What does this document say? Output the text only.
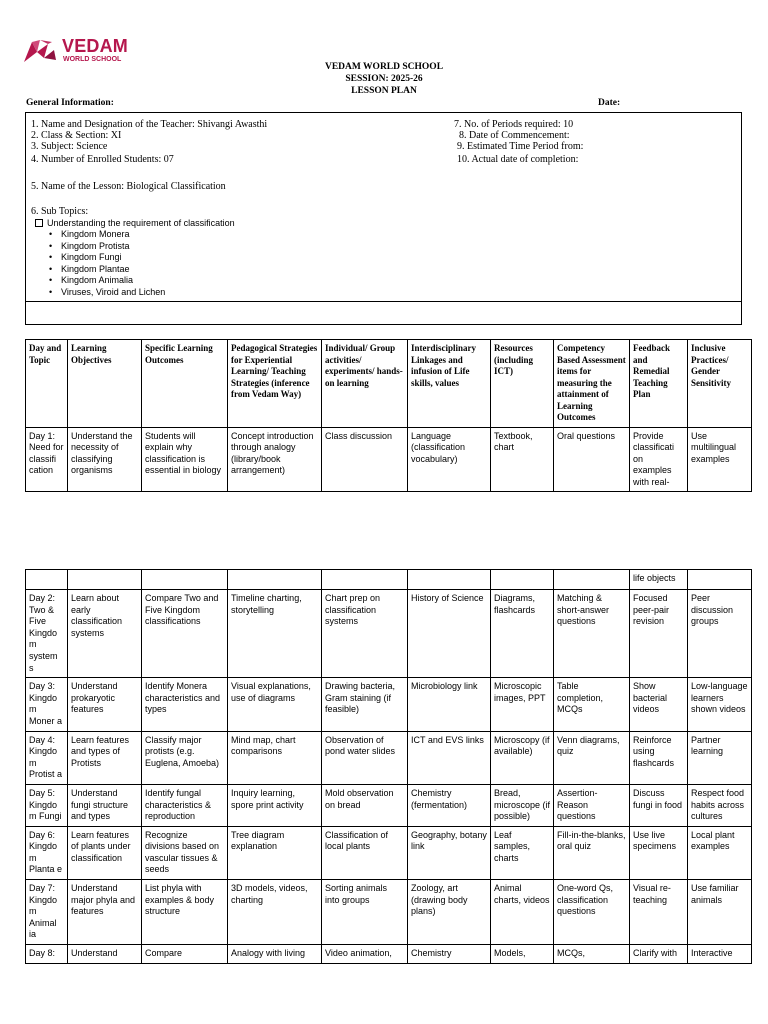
VEDAM
WORLD SCHOOL
VEDAM WORLD SCHOOL
SESSION: 2025-26
LESSON PLAN
General Information:	Date:
1. Name and Designation of the Teacher: Shivangi Awasthi
2. Class & Section: XI
3. Subject: Science
4. Number of Enrolled Students: 07
5. Name of the Lesson: Biological Classification
6. Sub Topics:
Understanding the requirement of classification
• Kingdom Monera
• Kingdom Protista
• Kingdom Fungi
• Kingdom Plantae
• Kingdom Animalia
• Viruses, Viroid and Lichen
7. No. of Periods required: 10
8. Date of Commencement:
9. Estimated Time Period from:
10. Actual date of completion:
Day and Topic	Learning Objectives	Specific Learning Outcomes	Pedagogical Strategies for Experiential Learning/ Teaching Strategies (inference from Vedam Way)	Individual/ Group activities/ experiments/ hands-on learning	Interdisciplinary Linkages and infusion of Life skills, values	Resources (including ICT)	Competency Based Assessment items for measuring the attainment of Learning Outcomes	Feedback and Remedial Teaching Plan	Inclusive Practices/ Gender Sensitivity
Day 1: Need for classifi cation	Understand the necessity of classifying organisms	Students will explain why classification is essential in biology	Concept introduction through analogy (library/book arrangement)	Class discussion	Language (classification vocabulary)	Textbook, chart	Oral questions	Provide classificati on examples with real-	Use multilingual examples
								life objects	
Day 2: Two & Five Kingdo m system s	Learn about early classification systems	Compare Two and Five Kingdom classifications	Timeline charting, storytelling	Chart prep on classification systems	History of Science	Diagrams, flashcards	Matching & short-answer questions	Focused peer-pair revision	Peer discussion groups
Day 3: Kingdo m Moner a	Understand prokaryotic features	Identify Monera characteristics and types	Visual explanations, use of diagrams	Drawing bacteria, Gram staining (if feasible)	Microbiology link	Microscopic images, PPT	Table completion, MCQs	Show bacterial videos	Low-language learners shown videos
Day 4: Kingdo m Protist a	Learn features and types of Protists	Classify major protists (e.g. Euglena, Amoeba)	Mind map, chart comparisons	Observation of pond water slides	ICT and EVS links	Microscopy (if available)	Venn diagrams, quiz	Reinforce using flashcards	Partner learning
Day 5: Kingdo m Fungi	Understand fungi structure and types	Identify fungal characteristics & reproduction	Inquiry learning, spore print activity	Mold observation on bread	Chemistry (fermentation)	Bread, microscope (if possible)	Assertion-Reason questions	Discuss fungi in food	Respect food habits across cultures
Day 6: Kingdo m Planta e	Learn features of plants under classification	Recognize divisions based on vascular tissues & seeds	Tree diagram explanation	Classification of local plants	Geography, botany link	Leaf samples, charts	Fill-in-the-blanks, oral quiz	Use live specimens	Local plant examples
Day 7: Kingdo m Animal ia	Understand major phyla and features	List phyla with examples & body structure	3D models, videos, charting	Sorting animals into groups	Zoology, art (drawing body plans)	Animal charts, videos	One-word Qs, classification questions	Visual re-teaching	Use familiar animals
Day 8:	Understand	Compare	Analogy with living	Video animation,	Chemistry	Models,	MCQs,	Clarify with	Interactive
